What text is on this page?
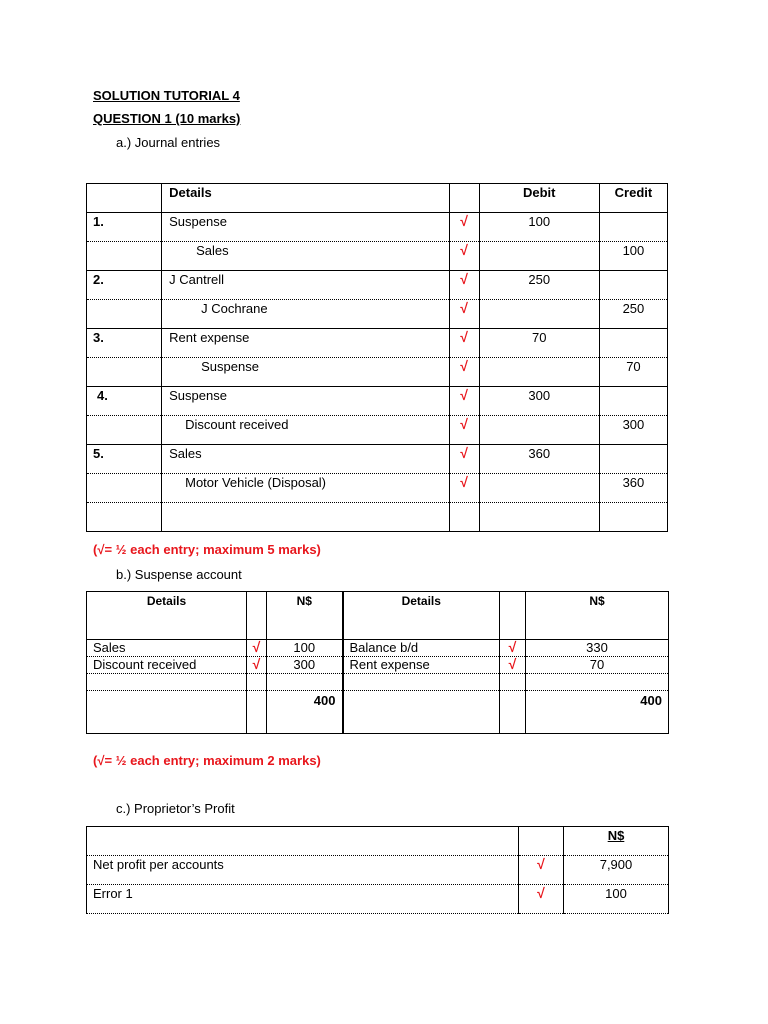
SOLUTION TUTORIAL 4
QUESTION 1 (10 marks)
a.) Journal entries
	Details		Debit	Credit
1.	Suspense	√	100	
	Sales	√		100
2.	J Cantrell	√	250	
	J Cochrane	√		250
3.	Rent expense	√	70	
	Suspense	√		70
4.	Suspense	√	300	
	Discount received	√		300
5.	Sales	√	360	
	Motor Vehicle (Disposal)	√		360

(√= ½ each entry; maximum 5 marks)
b.) Suspense account
Details		N$	Details		N$
Sales	√	100	Balance b/d	√	330
Discount received	√	300	Rent expense	√	70

		400			400
(√= ½ each entry; maximum 2 marks)
c.) Proprietor’s Profit
		N$
Net profit per accounts	√	7,900
Error 1	√	100
